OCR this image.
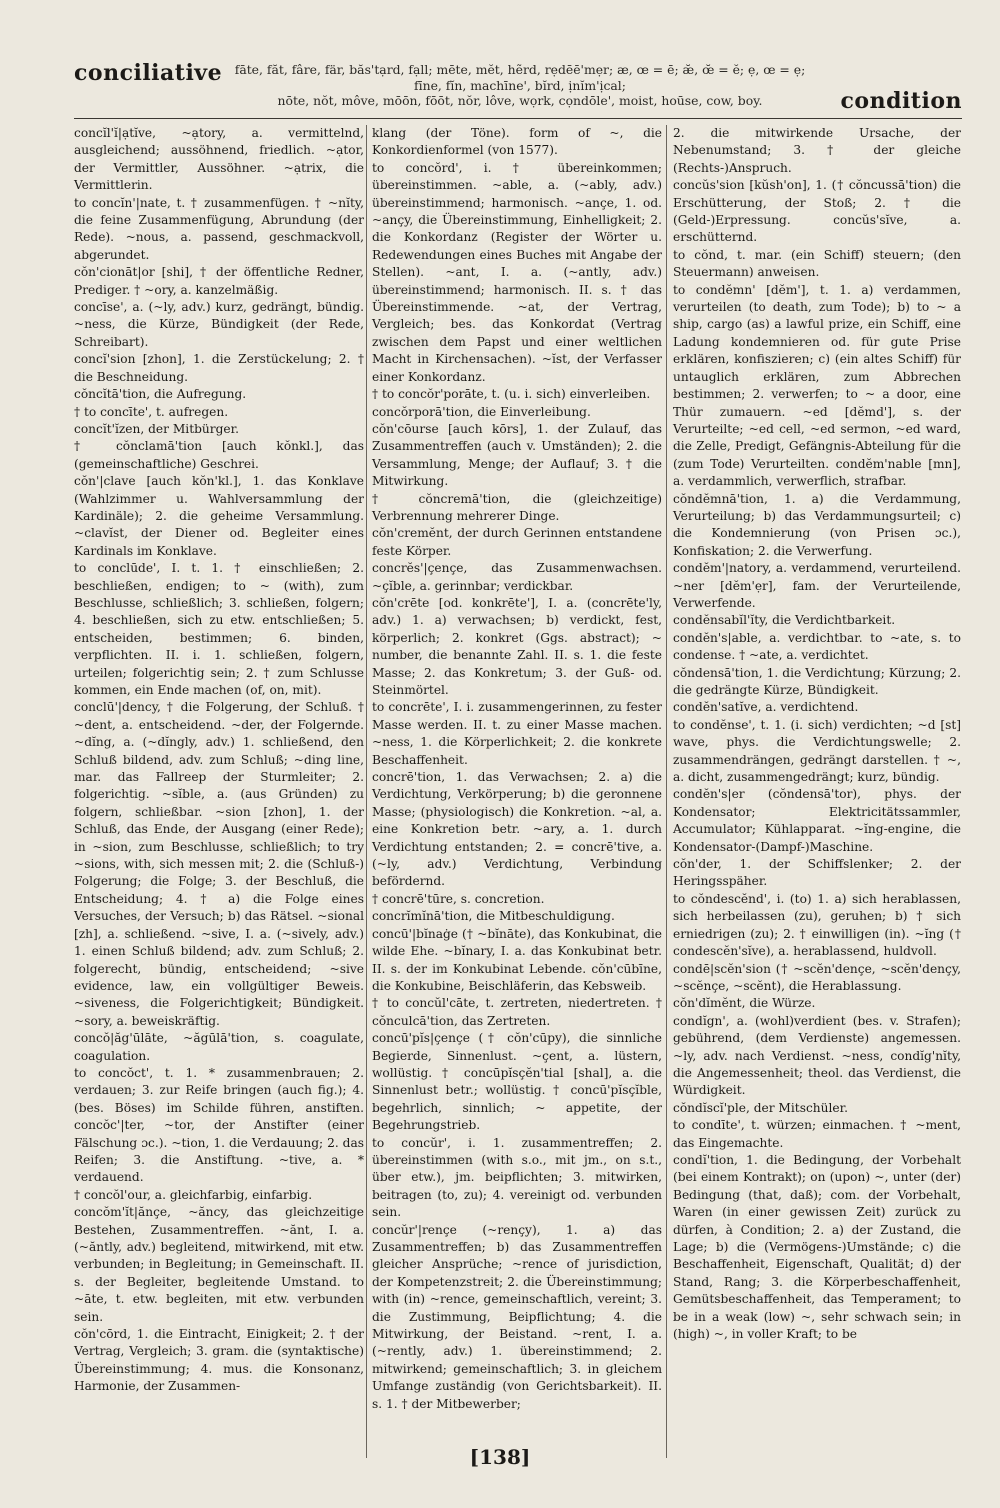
conciliative	fāte, făt, fâre, fär, băs'tạrd, fạll; mēte, mĕt, hẽrd, rẹdēē'mẹr; æ, œ = ē; æ̆, œ̆ = ĕ; ẹ, œ = ẹ;
fīne, fĭn, machīne', bĭrd, ịnĭm'ịcal;
nōte, nŏt, môve, mōōn, fōōt, nŏr, lôve, wọrk, cọndōle', moist, hoūse, cow, boy.	condition
concĭl'ĭ|ạtĭve, ~ạtory, a. vermittelnd, ausgleichend; aussöhnend, friedlich. ~ạtor, der Vermittler, Aussöhner. ~ạtrix, die Vermittlerin.
to concĭn'|nate, t. † zusammenfügen. † ~nĭty, die feine Zusammenfügung, Abrundung (der Rede). ~nous, a. passend, geschmackvoll, abgerundet.
cŏn'cionāt|or [shi], † der öffentliche Redner, Prediger. † ~ory, a. kanzelmäßig.
concīse', a. (~ly, adv.) kurz, gedrängt, bündig. ~ness, die Kürze, Bündigkeit (der Rede, Schreibart).
concĭ'sion [zhon], 1. die Zerstückelung; 2. † die Beschneidung.
cŏncĭtā'tion, die Aufregung.
† to concīte', t. aufregen.
concĭt'ĭzen, der Mitbürger.
† cŏnclamā'tion [auch kŏnkl.], das (gemeinschaftliche) Geschrei.
cŏn'|clave [auch kŏn'kl.], 1. das Konklave (Wahlzimmer u. Wahlversammlung der Kardinäle); 2. die geheime Versammlung. ~clavĭst, der Diener od. Begleiter eines Kardinals im Konklave.
to conclūde', I. t. 1. † einschließen; 2. beschließen, endigen; to ~ (with), zum Beschlusse, schließlich; 3. schließen, folgern; 4. beschließen, sich zu etw. entschließen; 5. entscheiden, bestimmen; 6. binden, verpflichten. II. i. 1. schließen, folgern, urteilen; folgerichtig sein; 2. † zum Schlusse kommen, ein Ende machen (of, on, mit).
conclū'|dency, † die Folgerung, der Schluß. † ~dent, a. entscheidend. ~der, der Folgernde. ~dĭng, a. (~dĭngly, adv.) 1. schließend, den Schluß bildend, adv. zum Schluß; ~ding line, mar. das Fallreep der Sturmleiter; 2. folgerichtig. ~sĭble, a. (aus Gründen) zu folgern, schließbar. ~sion [zhon], 1. der Schluß, das Ende, der Ausgang (einer Rede); in ~sion, zum Beschlusse, schließlich; to try ~sions, with, sich messen mit; 2. die (Schluß-) Folgerung; die Folge; 3. der Beschluß, die Entscheidung; 4. † a) die Folge eines Versuches, der Versuch; b) das Rätsel. ~sional [zh], a. schließend. ~sive, I. a. (~sively, adv.) 1. einen Schluß bildend; adv. zum Schluß; 2. folgerecht, bündig, entscheidend; ~sive evidence, law, ein vollgültiger Beweis. ~siveness, die Folgerichtigkeit; Bündigkeit. ~sory, a. beweiskräftig.
concŏ|ăg'ūlāte, ~ăgūlā'tion, s. coagulate, coagulation.
to concŏct', t. 1. * zusammenbrauen; 2. verdauen; 3. zur Reife bringen (auch fig.); 4. (bes. Böses) im Schilde führen, anstiften. concŏc'|ter, ~tor, der Anstifter (einer Fälschung ɔc.). ~tion, 1. die Verdauung; 2. das Reifen; 3. die Anstiftung. ~tive, a. * verdauend.
† concŏl'our, a. gleichfarbig, einfarbig.
concŏm'ĭt|ănçe, ~ăncy, das gleichzeitige Bestehen, Zusammentreffen. ~ănt, I. a. (~ăntly, adv.) begleitend, mitwirkend, mit etw. verbunden; in Begleitung; in Gemeinschaft. II. s. der Begleiter, begleitende Umstand. to ~āte, t. etw. begleiten, mit etw. verbunden sein.
cŏn'cōrd, 1. die Eintracht, Einigkeit; 2. † der Vertrag, Vergleich; 3. gram. die (syntaktische) Übereinstimmung; 4. mus. die Konsonanz, Harmonie, der Zusammen-
klang (der Töne). form of ~, die Konkordienformel (von 1577).
to concŏrd', i. † übereinkommen; übereinstimmen. ~able, a. (~ably, adv.) übereinstimmend; harmonisch. ~ançe, 1. od. ~ançy, die Übereinstimmung, Einhelligkeit; 2. die Konkordanz (Register der Wörter u. Redewendungen eines Buches mit Angabe der Stellen). ~ant, I. a. (~antly, adv.) übereinstimmend; harmonisch. II. s. † das Übereinstimmende. ~at, der Vertrag, Vergleich; bes. das Konkordat (Vertrag zwischen dem Papst und einer weltlichen Macht in Kirchensachen). ~ĭst, der Verfasser einer Konkordanz.
† to concŏr'porāte, t. (u. i. sich) einverleiben.
concŏrporā'tion, die Einverleibung.
cŏn'cōurse [auch kōrs], 1. der Zulauf, das Zusammentreffen (auch v. Umständen); 2. die Versammlung, Menge; der Auflauf; 3. † die Mitwirkung.
† cŏncremā'tion, die (gleichzeitige) Verbrennung mehrerer Dinge.
cŏn'cremĕnt, der durch Gerinnen entstandene feste Körper.
concrĕs'|çençe, das Zusammenwachsen. ~çĭble, a. gerinnbar; verdickbar.
cŏn'crēte [od. konkrēte'], I. a. (concrēte'ly, adv.) 1. a) verwachsen; b) verdickt, fest, körperlich; 2. konkret (Ggs. abstract); ~ number, die benannte Zahl. II. s. 1. die feste Masse; 2. das Konkretum; 3. der Guß- od. Steinmörtel.
to concrēte', I. i. zusammengerinnen, zu fester Masse werden. II. t. zu einer Masse machen. ~ness, 1. die Körperlichkeit; 2. die konkrete Beschaffenheit.
concrē'tion, 1. das Verwachsen; 2. a) die Verdichtung, Verkörperung; b) die geronnene Masse; (physiologisch) die Konkretion. ~al, a. eine Konkretion betr. ~ary, a. 1. durch Verdichtung entstanden; 2. = concrē'tive, a. (~ly, adv.) Verdichtung, Verbindung befördernd.
† concrē'tūre, s. concretion.
concrĭmĭnā'tion, die Mitbeschuldigung.
concū'|bĭnaġe († ~bĭnāte), das Konkubinat, die wilde Ehe. ~bĭnary, I. a. das Konkubinat betr. II. s. der im Konkubinat Lebende. cŏn'cūbīne, die Konkubine, Beischläferin, das Kebsweib.
† to concŭl'cāte, t. zertreten, niedertreten. † cŏnculcā'tion, das Zertreten.
concū'pĭs|çençe († cŏn'cūpy), die sinnliche Begierde, Sinnenlust. ~çent, a. lüstern, wollüstig. † concūpĭsçĕn'tial [shal], a. die Sinnenlust betr.; wollüstig. † concū'pĭsçĭble, begehrlich, sinnlich; ~ appetite, der Begehrungstrieb.
to concŭr', i. 1. zusammentreffen; 2. übereinstimmen (with s.o., mit jm., on s.t., über etw.), jm. beipflichten; 3. mitwirken, beitragen (to, zu); 4. vereinigt od. verbunden sein.
concŭr'|rençe (~rençy), 1. a) das Zusammentreffen; b) das Zusammentreffen gleicher Ansprüche; ~rence of jurisdiction, der Kompetenzstreit; 2. die Übereinstimmung; with (in) ~rence, gemeinschaftlich, vereint; 3. die Zustimmung, Beipflichtung; 4. die Mitwirkung, der Beistand. ~rent, I. a. (~rently, adv.) 1. übereinstimmend; 2. mitwirkend; gemeinschaftlich; 3. in gleichem Umfange zuständig (von Gerichtsbarkeit). II. s. 1. † der Mitbewerber;
2. die mitwirkende Ursache, der Nebenumstand; 3. † der gleiche (Rechts-)Anspruch.
concŭs'sion [kŭsh'on], 1. († cŏncussā'tion) die Erschütterung, der Stoß; 2. † die (Geld-)Erpressung. concŭs'sĭve, a. erschütternd.
to cŏnd, t. mar. (ein Schiff) steuern; (den Steuermann) anweisen.
to condĕmn' [dĕm'], t. 1. a) verdammen, verurteilen (to death, zum Tode); b) to ~ a ship, cargo (as) a lawful prize, ein Schiff, eine Ladung kondemnieren od. für gute Prise erklären, konfiszieren; c) (ein altes Schiff) für untauglich erklären, zum Abbrechen bestimmen; 2. verwerfen; to ~ a door, eine Thür zumauern. ~ed [dĕmd'], s. der Verurteilte; ~ed cell, ~ed sermon, ~ed ward, die Zelle, Predigt, Gefängnis-Abteilung für die (zum Tode) Verurteilten. condĕm'nable [mn], a. verdammlich, verwerflich, strafbar.
cŏndĕmnā'tion, 1. a) die Verdammung, Verurteilung; b) das Verdammungsurteil; c) die Kondemnierung (von Prisen ɔc.), Konfiskation; 2. die Verwerfung.
condĕm'|natory, a. verdammend, verurteilend. ~ner [dĕm'ẹr], fam. der Verurteilende, Verwerfende.
condĕnsabĭl'ĭty, die Verdichtbarkeit.
condĕn's|able, a. verdichtbar. to ~ate, s. to condense. † ~ate, a. verdichtet.
cŏndensā'tion, 1. die Verdichtung; Kürzung; 2. die gedrängte Kürze, Bündigkeit.
condĕn'satĭve, a. verdichtend.
to condĕnse', t. 1. (i. sich) verdichten; ~d [st] wave, phys. die Verdichtungswelle; 2. zusammendrängen, gedrängt darstellen. † ~, a. dicht, zusammengedrängt; kurz, bündig.
condĕn's|er (cŏndensā'tor), phys. der Kondensator; Elektricitätssammler, Accumulator; Kühlapparat. ~ĭng-engine, die Kondensator-(Dampf-)Maschine.
cŏn'der, 1. der Schiffslenker; 2. der Heringsspäher.
to cŏndescĕnd', i. (to) 1. a) sich herablassen, sich herbeilassen (zu), geruhen; b) † sich erniedrigen (zu); 2. † einwilligen (in). ~ĭng († condescĕn'sĭve), a. herablassend, huldvoll.
condē|scĕn'sion († ~scĕn'dençe, ~scĕn'dençy, ~scĕnçe, ~scĕnt), die Herablassung.
cŏn'dĭmĕnt, die Würze.
condĭgn', a. (wohl)verdient (bes. v. Strafen); gebührend, (dem Verdienste) angemessen. ~ly, adv. nach Verdienst. ~ness, condĭg'nĭty, die Angemessenheit; theol. das Verdienst, die Würdigkeit.
cŏndĭscĭ'ple, der Mitschüler.
to condīte', t. würzen; einmachen. † ~ment, das Eingemachte.
condĭ'tion, 1. die Bedingung, der Vorbehalt (bei einem Kontrakt); on (upon) ~, unter (der) Bedingung (that, daß); com. der Vorbehalt, Waren (in einer gewissen Zeit) zurück zu dürfen, à Condition; 2. a) der Zustand, die Lage; b) die (Vermögens-)Umstände; c) die Beschaffenheit, Eigenschaft, Qualität; d) der Stand, Rang; 3. die Körperbeschaffenheit, Gemütsbeschaffenheit, das Temperament; to be in a weak (low) ~, sehr schwach sein; in (high) ~, in voller Kraft; to be
[138]
